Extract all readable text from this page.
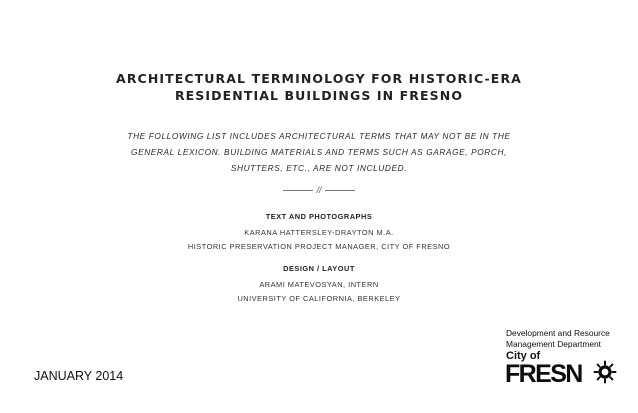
ARCHITECTURAL TERMINOLOGY FOR HISTORIC-ERA
RESIDENTIAL BUILDINGS IN FRESNO
THE FOLLOWING LIST INCLUDES ARCHITECTURAL TERMS THAT MAY NOT BE IN THE
GENERAL LEXICON. BUILDING MATERIALS AND TERMS SUCH AS GARAGE, PORCH,
SHUTTERS, ETC., ARE NOT INCLUDED.
//
TEXT AND PHOTOGRAPHS
KARANA HATTERSLEY-DRAYTON M.A.
HISTORIC PRESERVATION PROJECT MANAGER, CITY OF FRESNO
DESIGN / LAYOUT
ARAMI MATEVOSYAN, INTERN
UNIVERSITY OF CALIFORNIA, BERKELEY
JANUARY 2014
Development and Resource
Management Department
City of
FRESN
